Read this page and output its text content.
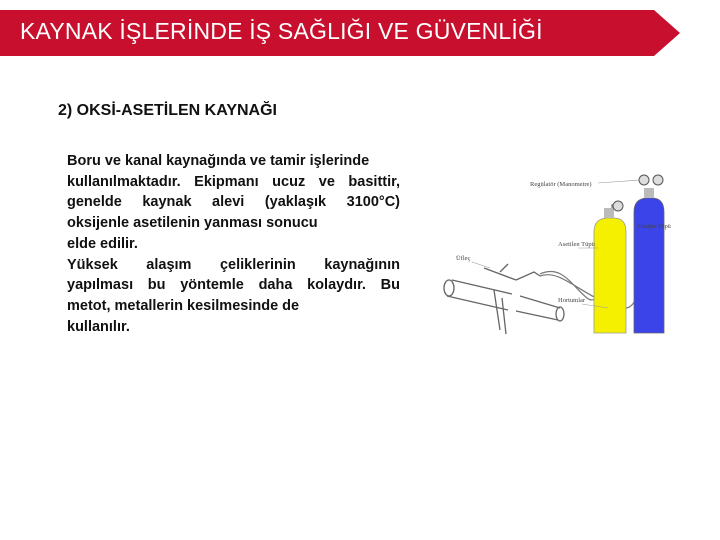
KAYNAK İŞLERİNDE İŞ SAĞLIĞI VE GÜVENLİĞİ
2) OKSİ-ASETİLEN KAYNAĞI
Boru ve kanal kaynağında ve tamir işlerinde
kullanılmaktadır. Ekipmanı ucuz ve basittir,
genelde kaynak alevi (yaklaşık 3100°C)
oksijenle asetilenin yanması sonucu
elde edilir.
Yüksek alaşım çeliklerinin kaynağının
yapılması bu yöntemle daha kolaydır. Bu
metot, metallerin kesilmesinde de
kullanılır.
Regülatör (Manometre)
Asetilen Tüpü
Oksijen Tüpü
Üfleç
Hortumlar
